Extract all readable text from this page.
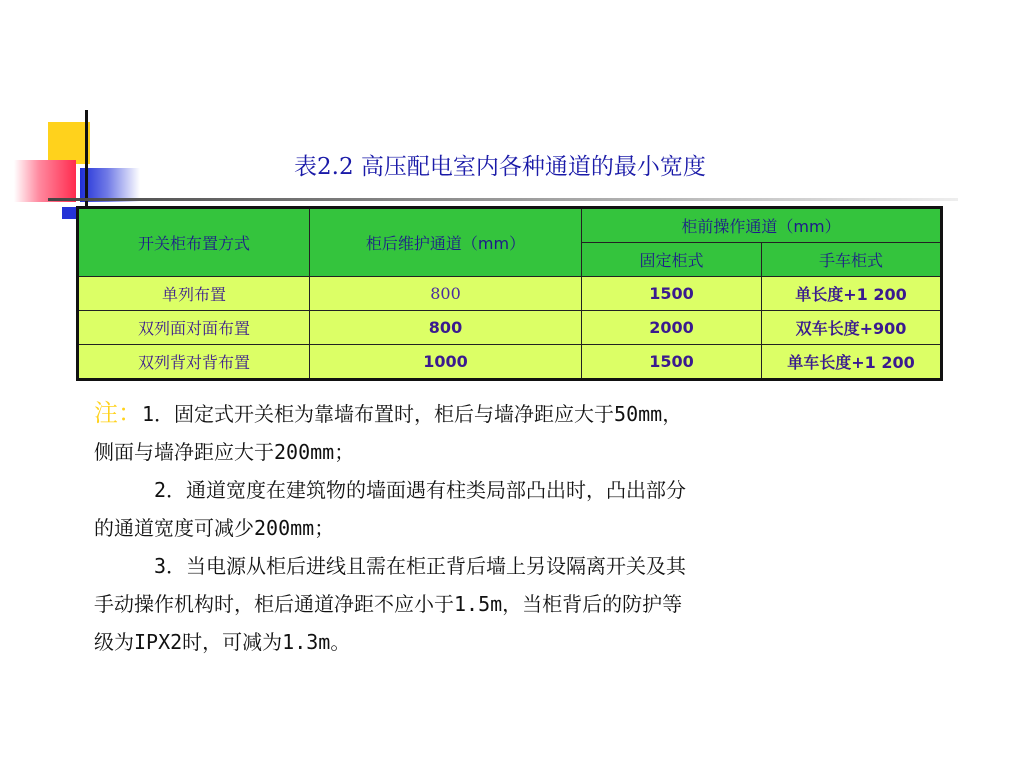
表2.2 高压配电室内各种通道的最小宽度
开关柜布置方式	柜后维护通道（mm）	柜前操作通道（mm）	
		固定柜式	手车柜式
单列布置	800	1500	单长度+1 200
双列面对面布置	800	2000	双车长度+900
双列背对背布置	1000	1500	单车长度+1 200

注：1．固定式开关柜为靠墙布置时，柜后与墙净距应大于50mm，

侧面与墙净距应大于200mm；

2．通道宽度在建筑物的墙面遇有柱类局部凸出时，凸出部分

的通道宽度可减少200mm；

3．当电源从柜后进线且需在柜正背后墙上另设隔离开关及其

手动操作机构时，柜后通道净距不应小于1.5m，当柜背后的防护等

级为IPX2时，可减为1.3m。
